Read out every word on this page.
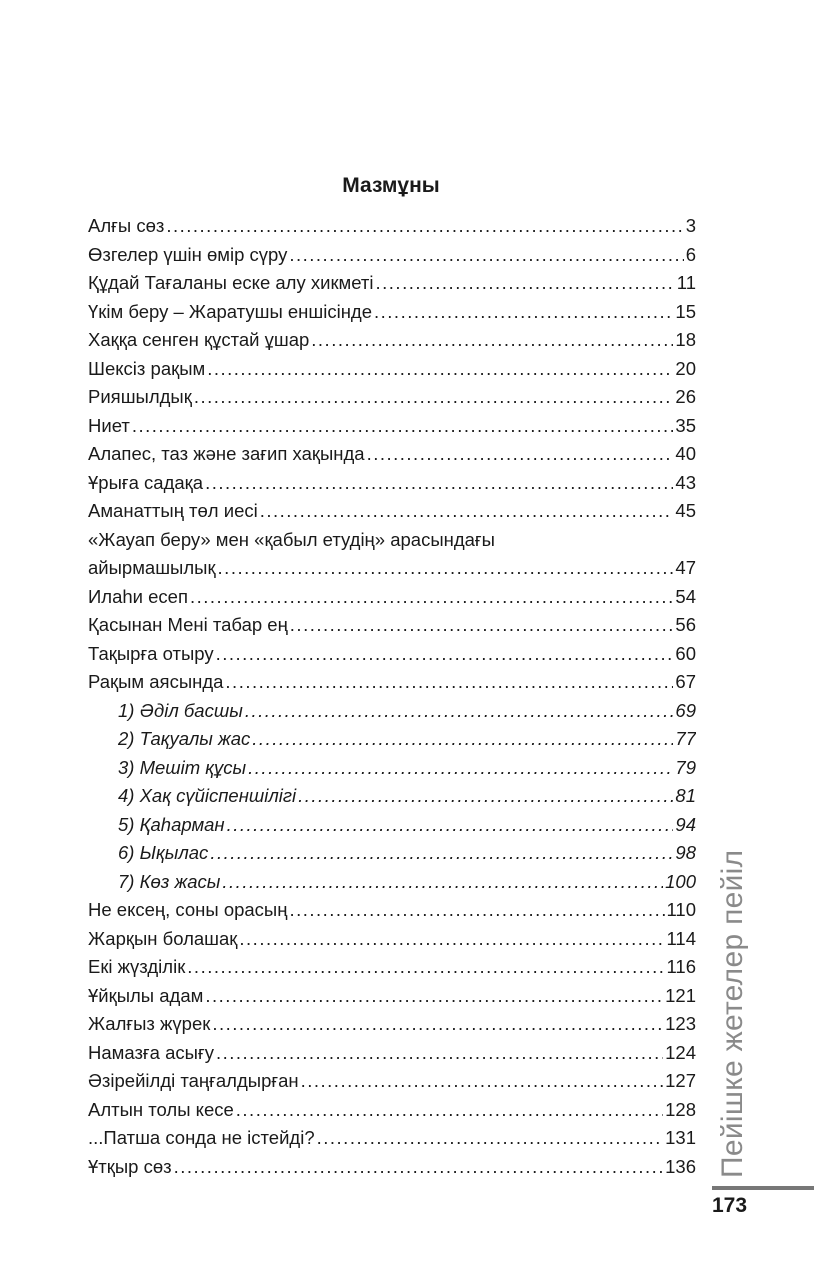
Мазмұны
Алғы сөз .....	3
Өзгелер үшін өмір сүру .....	6
Құдай Тағаланы еске алу хикметі .....	11
Үкім беру – Жаратушы еншісінде .....	15
Хаққа сенген құстай ұшар .....	18
Шексіз рақым .....	20
Рияшылдық .....	26
Ниет .....	35
Алапес, таз және зағип хақында .....	40
Ұрыға садақа .....	43
Аманаттың төл иесі .....	45
«Жауап беру» мен «қабыл етудің» арасындағы
айырмашылық .....	47
Илаһи есеп .....	54
Қасынан Мені табар ең .....	56
Тақырға отыру .....	60
Рақым аясында .....	67
1) Әділ басшы .....	69
2) Тақуалы жас .....	77
3) Мешіт құсы .....	79
4) Хақ сүйіспеншілігі .....	81
5) Қаһарман .....	94
6) Ықылас .....	98
7) Көз жасы .....	100
Не ексең, соны орасың .....	110
Жарқын болашақ .....	114
Екі жүзділік .....	116
Ұйқылы адам .....	121
Жалғыз жүрек .....	123
Намазға асығу .....	124
Әзірейілді таңғалдырған .....	127
Алтын толы кесе .....	128
...Патша сонда не істейді? .....	131
Ұтқыр сөз .....	136 Пейішке жетелер пейіл
173
